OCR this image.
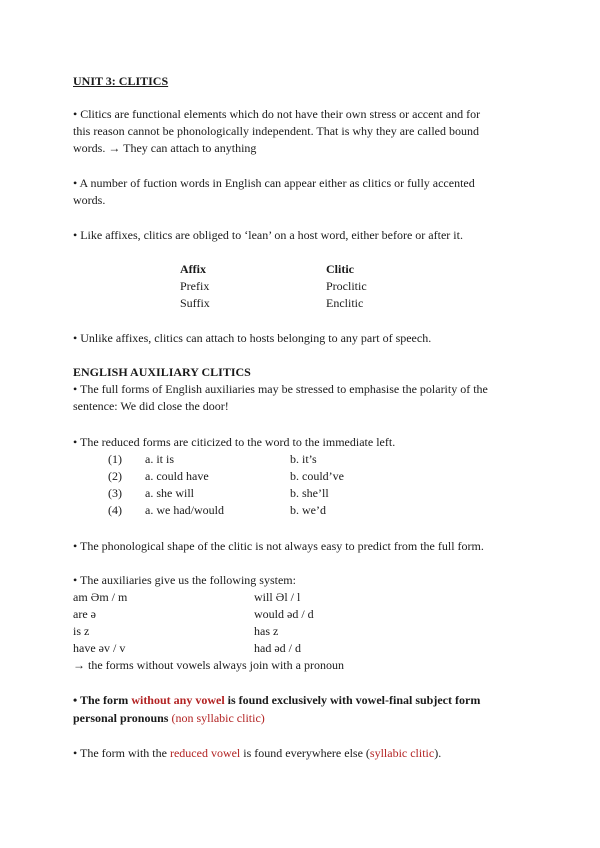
UNIT 3: CLITICS
• Clitics are functional elements which do not have their own stress or accent and for
this reason cannot be phonologically independent. That is why they are called bound
words. → They can attach to anything
• A number of fuction words in English can appear either as clitics or fully accented
words.
• Like affixes, clitics are obliged to ‘lean’ on a host word, either before or after it.
Affix	Clitic
Prefix	Proclitic
Suffix	Enclitic
• Unlike affixes, clitics can attach to hosts belonging to any part of speech.
ENGLISH AUXILIARY CLITICS
• The full forms of English auxiliaries may be stressed to emphasise the polarity of the
sentence: We did close the door!
• The reduced forms are citicized to the word to the immediate left.
(1) a. it is	b. it’s
(2) a. could have	b. could’ve
(3) a. she will	b. she’ll
(4) a. we had/would	b. we’d
• The phonological shape of the clitic is not always easy to predict from the full form.
• The auxiliaries give us the following system:
am Əm / m	will Əl / l
are ə	would əd / d
is z	has z
have əv / v	had əd / d
→ the forms without vowels always join with a pronoun
• The form without any vowel is found exclusively with vowel-final subject form
personal pronouns (non syllabic clitic)
• The form with the reduced vowel is found everywhere else (syllabic clitic).
